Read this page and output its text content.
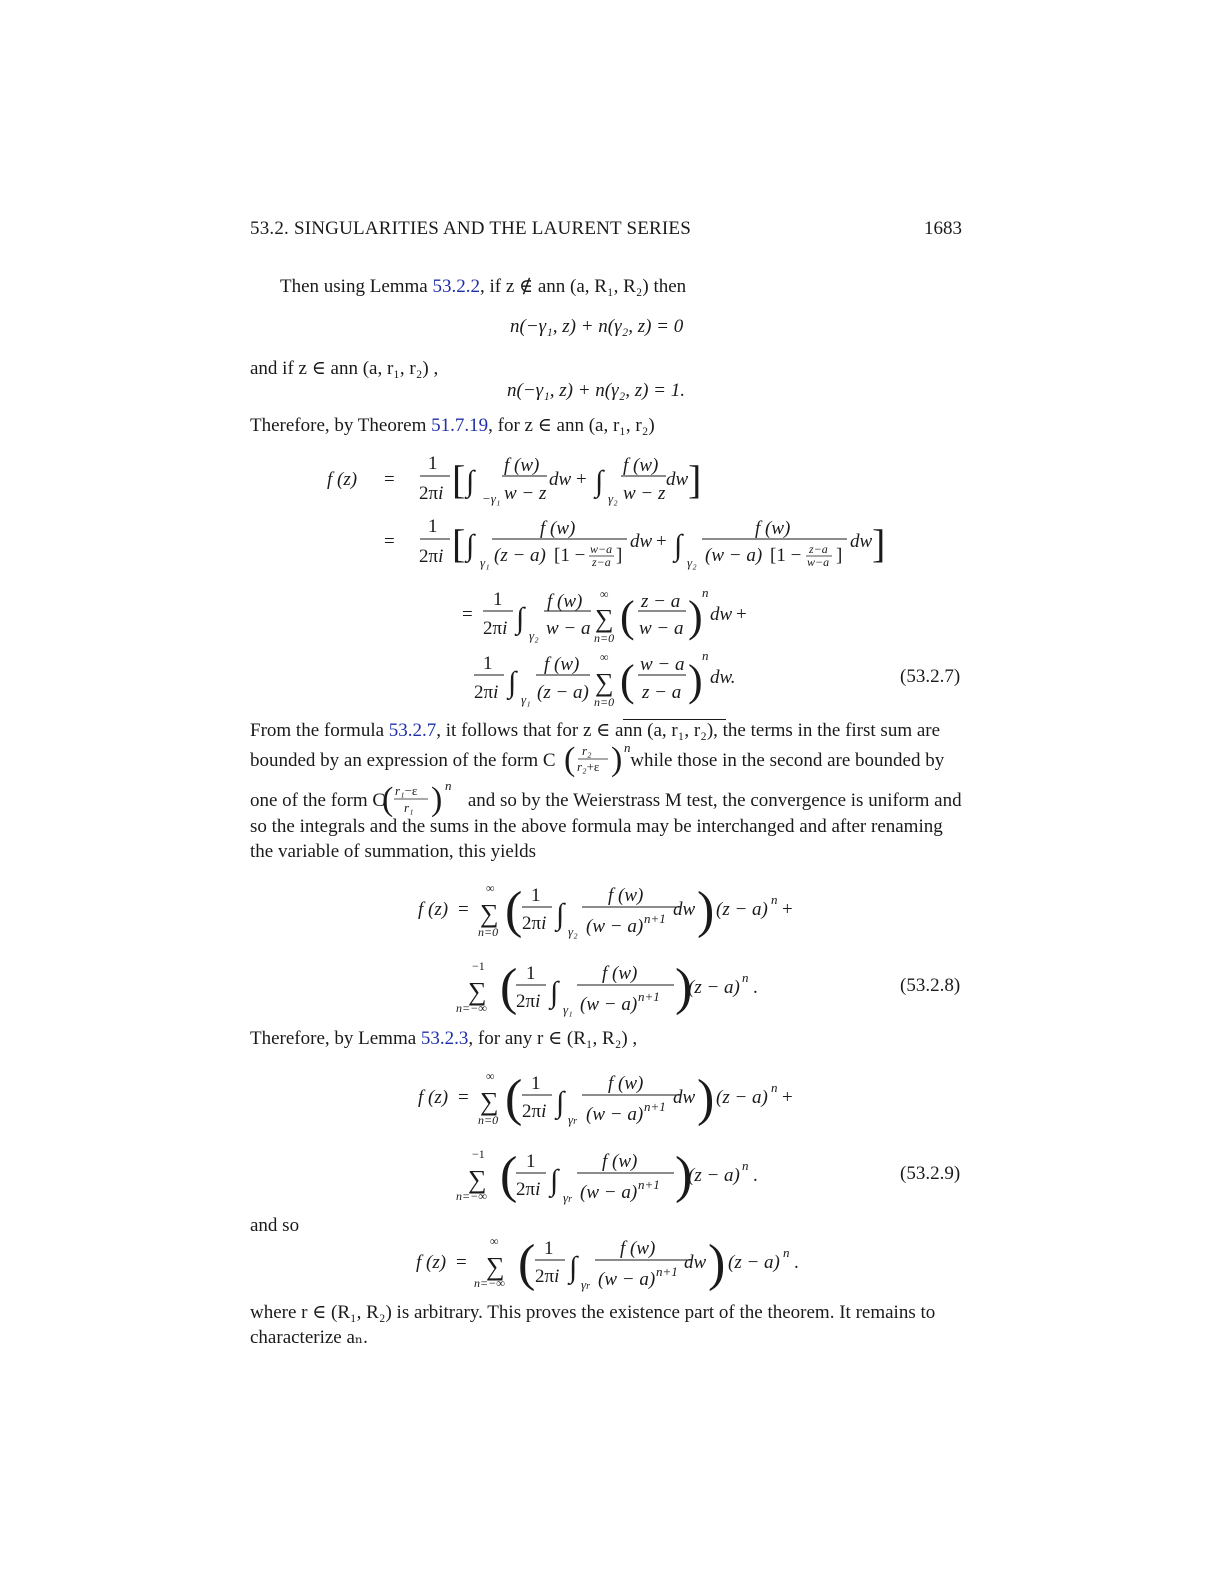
53.2. SINGULARITIES AND THE LAURENT SERIES	1683
Then using Lemma 53.2.2, if z ∉ ann (a, R₁, R₂) then
n(−γ₁, z) + n(γ₂, z) = 0
and if z ∈ ann (a, r₁, r₂) ,
n(−γ₁, z) + n(γ₂, z) = 1.
Therefore, by Theorem 51.7.19, for z ∈ ann (a, r₁, r₂)
f (z) =
1
2πi [ ∫
−γ₁
f (w)
w − z
dw + ∫
γ₂
f (w)
w − z
dw ]
=
1
2πi [ ∫
γ₁
f (w)
(z − a) [1 − w−a
z−a ]
dw + ∫
γ₂
f (w)
(w − a) [1 − z−a
w−a ]
dw ]
=
1
2πi ∫
γ₂
f (w)
w − a
∞
∑
n=0 ( z − a
w − a ) n
dw +
1
2πi ∫
γ₁
f (w)
(z − a)
∞
∑
n=0 ( w − a
z − a )
n
dw.	(53.2.7)
From the formula 53.2.7, it follows that for z ∈ ann (a, r₁, r₂), the terms in the first sum are
bounded by an expression of the form C	while those in the second are bounded by
( r₂
r₂+ε ) n
one of the form C	and so by the Weierstrass M test, the convergence is uniform and
( r₁−ε
r₁ ) n
so the integrals and the sums in the above formula may be interchanged and after renaming
the variable of summation, this yields
f (z) =
∞
∑
n=0 ( 1
2πi ∫
γ₂
f (w)
(w − a) n+1 dw ) (z − a) n +
−1
∑
n=−∞ ( 1
2πi ∫
γ₁
f (w)
(w − a) n+1 )
(z − a) n .	(53.2.8)
Therefore, by Lemma 53.2.3, for any r ∈ (R₁, R₂) ,
f (z) =
∞
∑
n=0 ( 1
2πi ∫
γr
f (w)
(w − a) n+1 dw ) (z − a) n +
−1
∑
n=−∞ ( 1
2πi ∫
γr
f (w)
(w − a) n+1 )
(z − a) n .	(53.2.9)
and so
f (z) =
∞
∑
n=−∞ ( 1
2πi ∫
γr
f (w)
(w − a) n+1 dw ) (z − a) n .
where r ∈ (R₁, R₂) is arbitrary. This proves the existence part of the theorem. It remains to
characterize aₙ.
